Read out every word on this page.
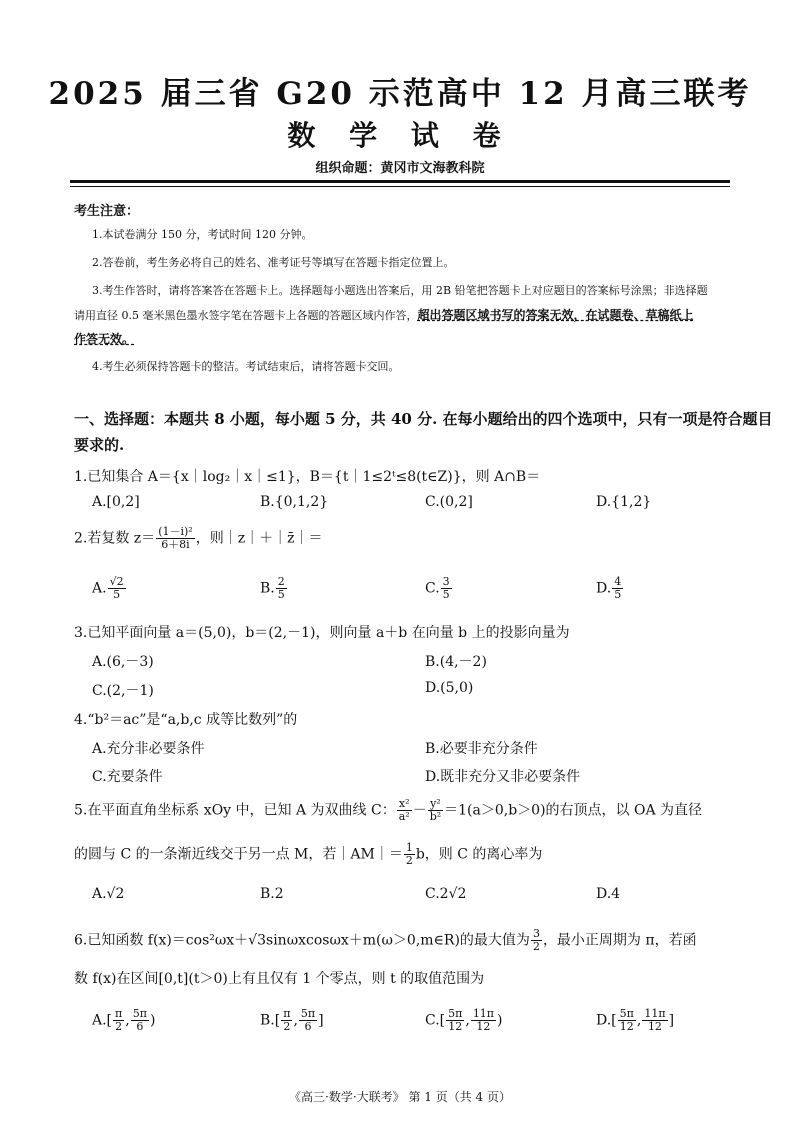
2025 届三省 G20 示范高中 12 月高三联考
数 学 试 卷
组织命题：黄冈市文海教科院
考生注意：
1.本试卷满分 150 分，考试时间 120 分钟。
2.答卷前，考生务必将自己的姓名、准考证号等填写在答题卡指定位置上。
3.考生作答时，请将答案答在答题卡上。选择题每小题选出答案后，用 2B 铅笔把答题卡上对应题目的答案标号涂黑；非选择题
请用直径 0.5 毫米黑色墨水签字笔在答题卡上各题的答题区域内作答，超出答题区域书写的答案无效，在试题卷、草稿纸上
作答无效。
4.考生必须保持答题卡的整洁。考试结束后，请将答题卡交回。
一、选择题：本题共 8 小题，每小题 5 分，共 40 分. 在每小题给出的四个选项中，只有一项是符合题目
要求的.
1.已知集合 A＝{x｜log₂｜x｜≤1}，B＝{t｜1≤2ᵗ≤8(t∈Z)}，则 A∩B＝
A.[0,2]	B.{0,1,2}	C.(0,2]	D.{1,2}
2.若复数 $z= \frac{\text{(1－i)²}}{6+8i}$ ，则｜z｜＋｜z̄｜＝
A. $\frac{√2}{5}$	B. $\frac{2}{5}$	C. $\frac{3}{5}$	D. $\frac{4}{5}$
3.已知平面向量 a＝(5,0)，b＝(2,－1)，则向量 a＋b 在向量 b 上的投影向量为
A.(6,－3)	B.(4,－2)
C.(2,－1)	D.(5,0)
4.“b²＝ac”是“a,b,c 成等比数列”的
A.充分非必要条件	B.必要非充分条件
C.充要条件	D.既非充分又非必要条件
5.在平面直角坐标系 xOy 中，已知 A 为双曲线 C： $\frac{\text{x²}}{\text{a²}} - \frac{\text{y²}}{\text{b²}} =1(a>0,b>0)$的右顶点，以 OA 为直径
的圆与 C 的一条渐近线交于另一点 M，若｜AM｜＝ $\frac{1}{2}$ b，则 C 的离心率为
A.√2	B.2	C.2√2	D.4
6.已知函数 f(x)＝cos²ωx＋√3sinωxcosωx＋m(ω＞0,m∈R)的最大值为 $\frac{3}{2}$ ，最小正周期为 π，若函
数 f(x)在区间[0,t](t＞0)上有且仅有 1 个零点，则 t 的取值范围为
$A.[ \frac{\pi}{2}$ , $\frac{5\pi}{6}$ )	$B.[ \frac{\pi}{2}$ , $\frac{5\pi}{6}$ ]	$C.[ \frac{5\pi}{12}$ , $\frac{11\pi}{12}$ )	$D.[ \frac{5\pi}{12}$ , $\frac{11\pi}{12}$ ]
《高三·数学·大联考》 第 1 页（共 4 页）
